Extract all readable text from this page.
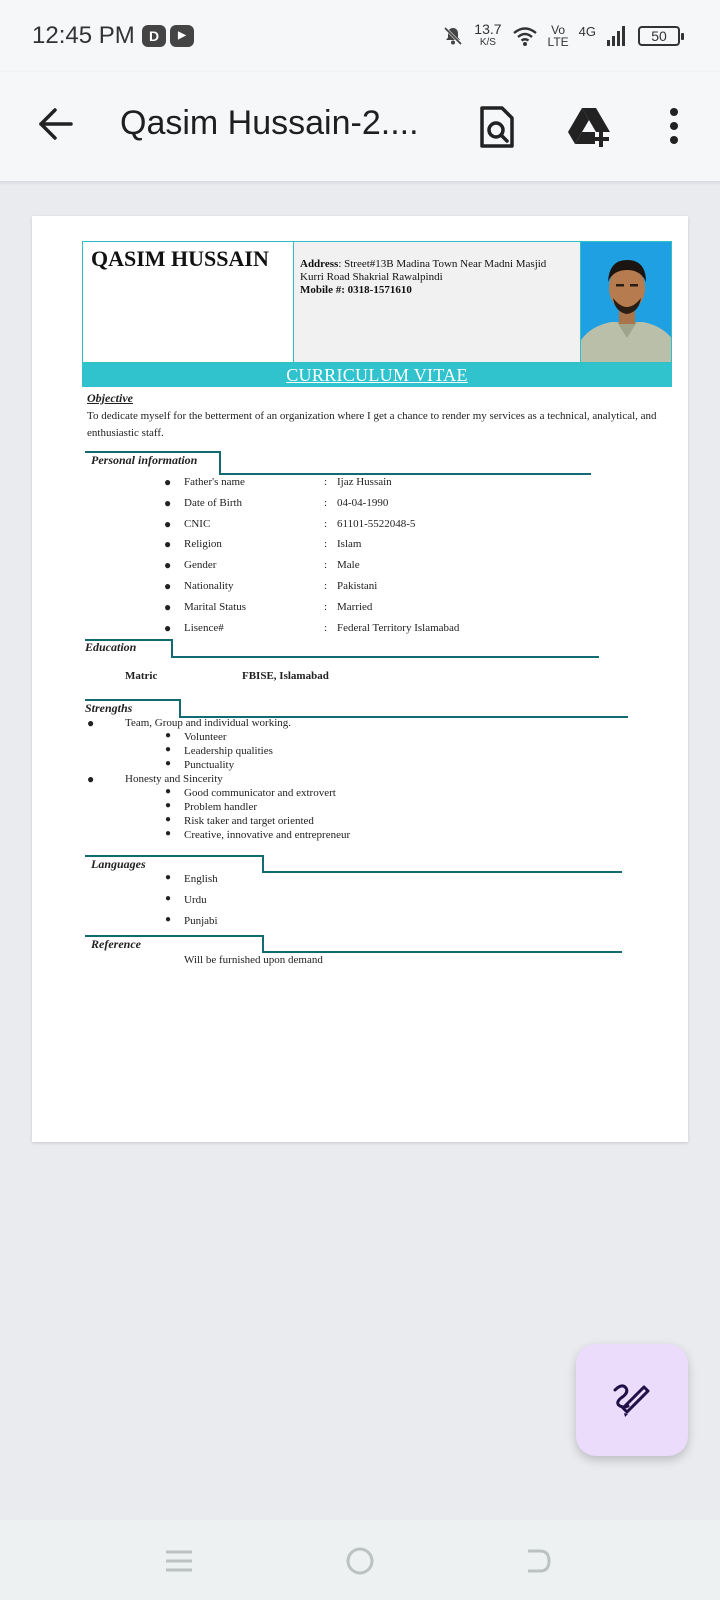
12:45 PM	D	▶	13.7
K/S
Vo
LTE
4G	50
Qasim Hussain-2....
QASIM HUSSAIN	Address: Street#13B Madina Town Near Madni Masjid Kurri Road Shakrial Rawalpindi
Mobile #: 0318-1571610
CURRICULUM VITAE
Objective
To dedicate myself for the betterment of an organization where I get a chance to render my services as a technical, analytical, and enthusiastic staff.
Personal information
● Father's name	: Ijaz Hussain
● Date of Birth	: 04-04-1990
● CNIC	: 61101-5522048-5
● Religion	: Islam
● Gender	: Male
● Nationality	: Pakistani
● Marital Status	: Married
● Lisence#	: Federal Territory Islamabad
Education
Matric	FBISE, Islamabad
Strengths
●	Team, Group and individual working.
● Volunteer
● Leadership qualities
● Punctuality
●	Honesty and Sincerity
● Good communicator and extrovert
● Problem handler
● Risk taker and target oriented
● Creative, innovative and entrepreneur
Languages
● English
● Urdu
● Punjabi
Reference
Will be furnished upon demand
